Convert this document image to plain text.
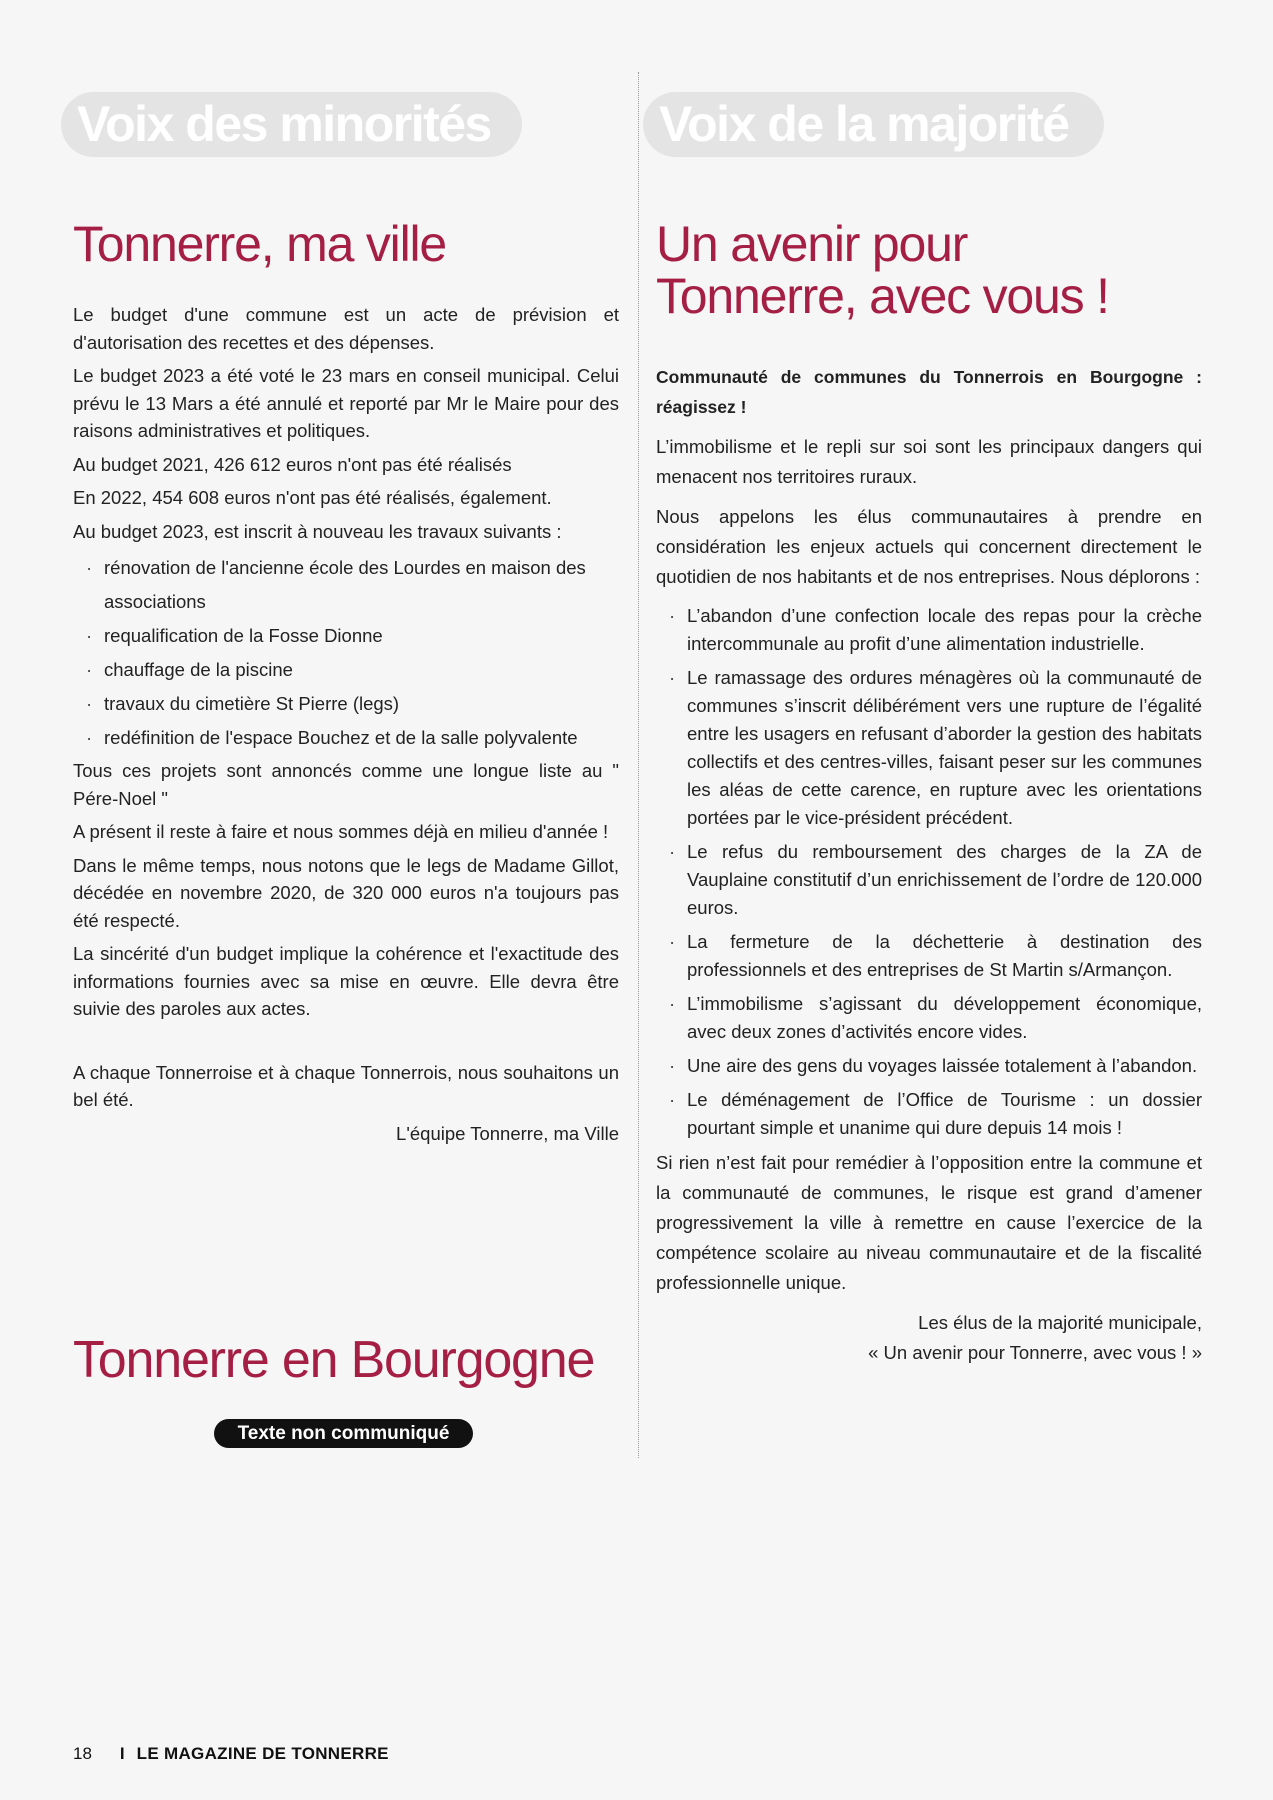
Voix des minorités	Voix de la majorité
Tonnerre, ma ville

Le budget d'une commune est un acte de prévision et d'autorisation des recettes et des dépenses.

Le budget 2023 a été voté le 23 mars en conseil municipal. Celui prévu le 13 Mars a été annulé et reporté par Mr le Maire pour des raisons administratives et politiques.

Au budget 2021, 426 612 euros n'ont pas été réalisés

En 2022, 454 608 euros n'ont pas été réalisés, également.

Au budget 2023, est inscrit à nouveau les travaux suivants :

· rénovation de l'ancienne école des Lourdes en maison des associations
· requalification de la Fosse Dionne
· chauffage de la piscine
· travaux du cimetière St Pierre (legs)
· redéfinition de l'espace Bouchez et de la salle polyvalente

Tous ces projets sont annoncés comme une longue liste au " Pére-Noel "

A présent il reste à faire et nous sommes déjà en milieu d'année !

Dans le même temps, nous notons que le legs de Madame Gillot, décédée en novembre 2020, de 320 000 euros n'a toujours pas été respecté.

La sincérité d'un budget implique la cohérence et l'exactitude des informations fournies avec sa mise en œuvre. Elle devra être suivie des paroles aux actes.

A chaque Tonnerroise et à chaque Tonnerrois, nous souhaitons un bel été.

L'équipe Tonnerre, ma Ville

Tonnerre en Bourgogne
Texte non communiqué
Un avenir pour
Tonnerre, avec vous !

Communauté de communes du Tonnerrois en Bourgogne : réagissez !

L’immobilisme et le repli sur soi sont les principaux dangers qui menacent nos territoires ruraux.

Nous appelons les élus communautaires à prendre en considération les enjeux actuels qui concernent directement le quotidien de nos habitants et de nos entreprises. Nous déplorons :

· L’abandon d’une confection locale des repas pour la crèche intercommunale au profit d’une alimentation industrielle.
· Le ramassage des ordures ménagères où la communauté de communes s’inscrit délibérément vers une rupture de l’égalité entre les usagers en refusant d’aborder la gestion des habitats collectifs et des centres-villes, faisant peser sur les communes les aléas de cette carence, en rupture avec les orientations portées par le vice-président précédent.
· Le refus du remboursement des charges de la ZA de Vauplaine constitutif d’un enrichissement de l’ordre de 120.000 euros.
· La fermeture de la déchetterie à destination des professionnels et des entreprises de St Martin s/Armançon.
· L’immobilisme s’agissant du développement économique, avec deux zones d’activités encore vides.
· Une aire des gens du voyages laissée totalement à l’abandon.
· Le déménagement de l’Office de Tourisme : un dossier pourtant simple et unanime qui dure depuis 14 mois !

Si rien n’est fait pour remédier à l’opposition entre la commune et la communauté de communes, le risque est grand d’amener progressivement la ville à remettre en cause l’exercice de la compétence scolaire au niveau communautaire et de la fiscalité professionnelle unique.

Les élus de la majorité municipale,
« Un avenir pour Tonnerre, avec vous ! »

18 I LE MAGAZINE DE TONNERRE
